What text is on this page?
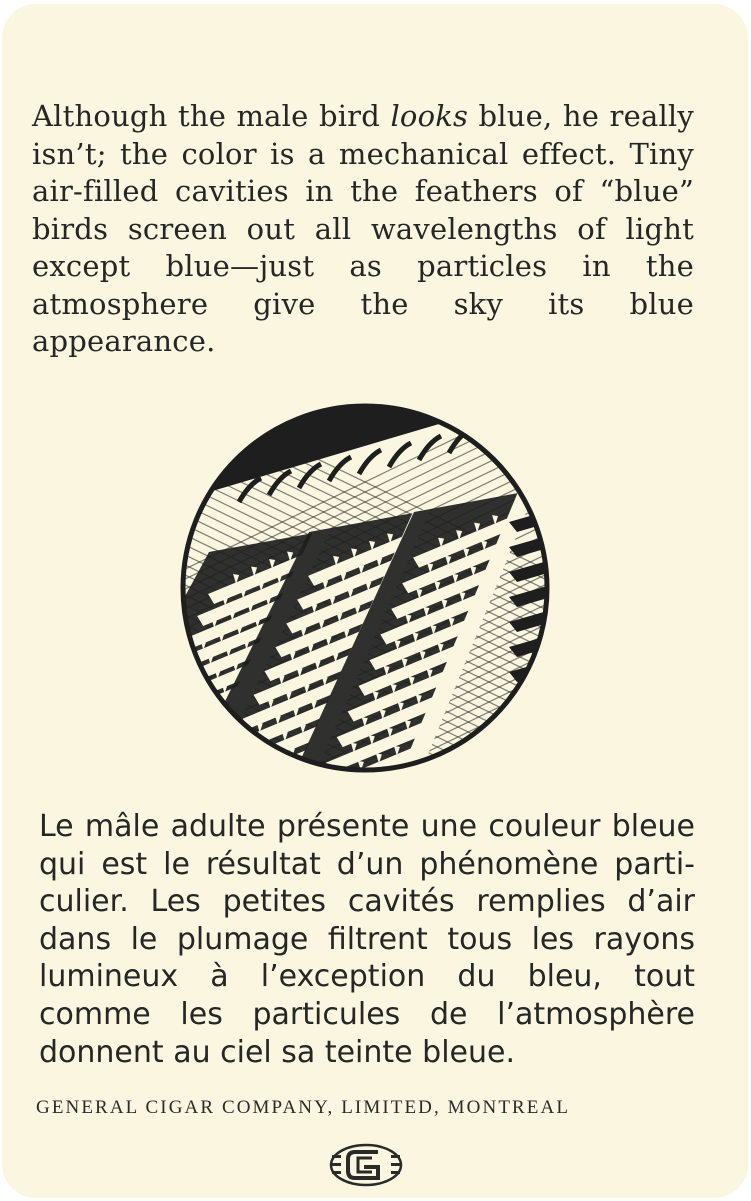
Although the male bird looks blue, he really isn’t; the color is a mechanical effect. Tiny air-filled cavities in the feathers of “blue” birds screen out all wavelengths of light except blue—just as particles in the atmosphere give the sky its blue appearance.

Le mâle adulte présente une couleur bleue qui est le résultat d’un phénomène particulier. Les petites cavités remplies d’air dans le plumage filtrent tous les rayons lumineux à l’exception du bleu, tout comme les particules de l’atmosphère donnent au ciel sa teinte bleue.

GENERAL CIGAR COMPANY, LIMITED, MONTREAL
